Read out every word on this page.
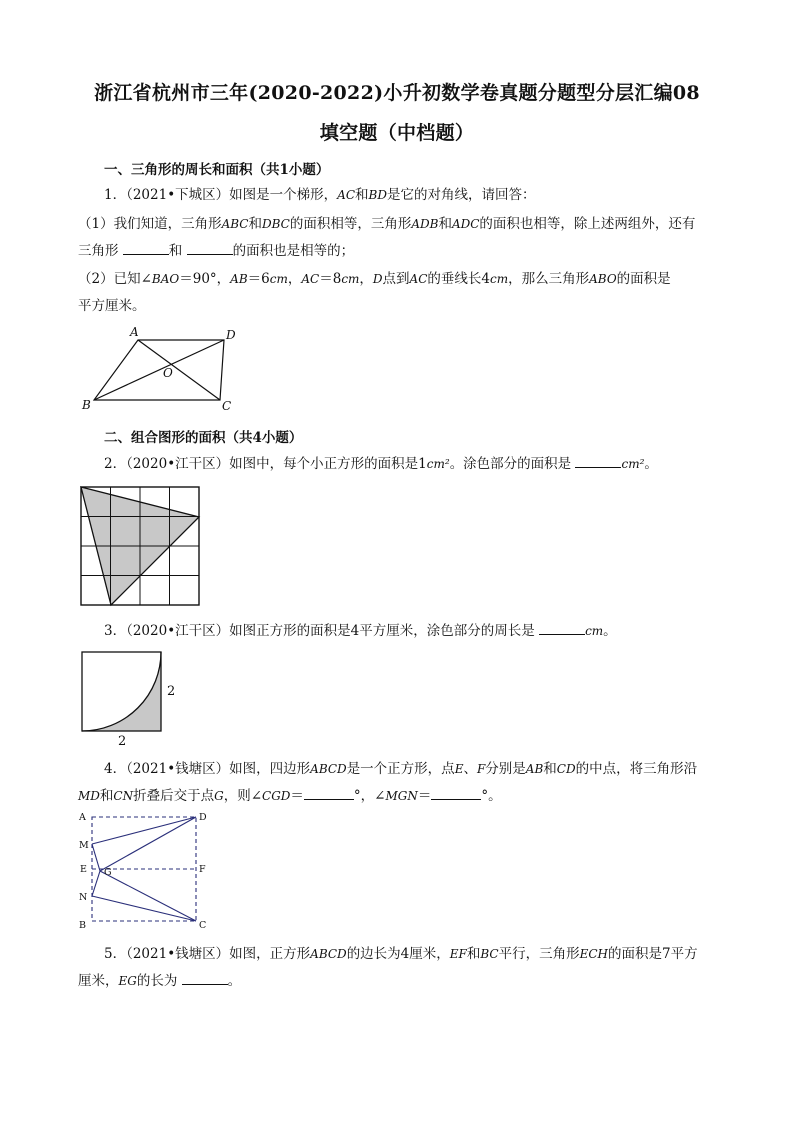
浙江省杭州市三年(2020-2022)小升初数学卷真题分题型分层汇编08
填空题（中档题）
一、三角形的周长和面积（共1小题）
1．（2021•下城区）如图是一个梯形，AC和BD是它的对角线，请回答：
（1）我们知道，三角形ABC和DBC的面积相等，三角形ADB和ADC的面积也相等，除上述两组外，还有
三角形	和	的面积也是相等的；
（2）已知∠BAO＝90°，AB＝6cm，AC＝8cm，D点到AC的垂线长4cm，那么三角形ABO的面积是
平方厘米。
A	D
O
B	C
二、组合图形的面积（共4小题）
2．（2020•江干区）如图中，每个小正方形的面积是1cm²。涂色部分的面积是	cm²。
3．（2020•江干区）如图正方形的面积是4平方厘米，涂色部分的周长是	cm。
2
2
4．（2021•钱塘区）如图，四边形ABCD是一个正方形，点E、F分别是AB和CD的中点，将三角形沿
MD和CN折叠后交于点G，则∠CGD＝	°，∠MGN＝	°。
A	D
M
E	F
G
N
B	C
5．（2021•钱塘区）如图，正方形ABCD的边长为4厘米，EF和BC平行，三角形ECH的面积是7平方
厘米，EG的长为	。
